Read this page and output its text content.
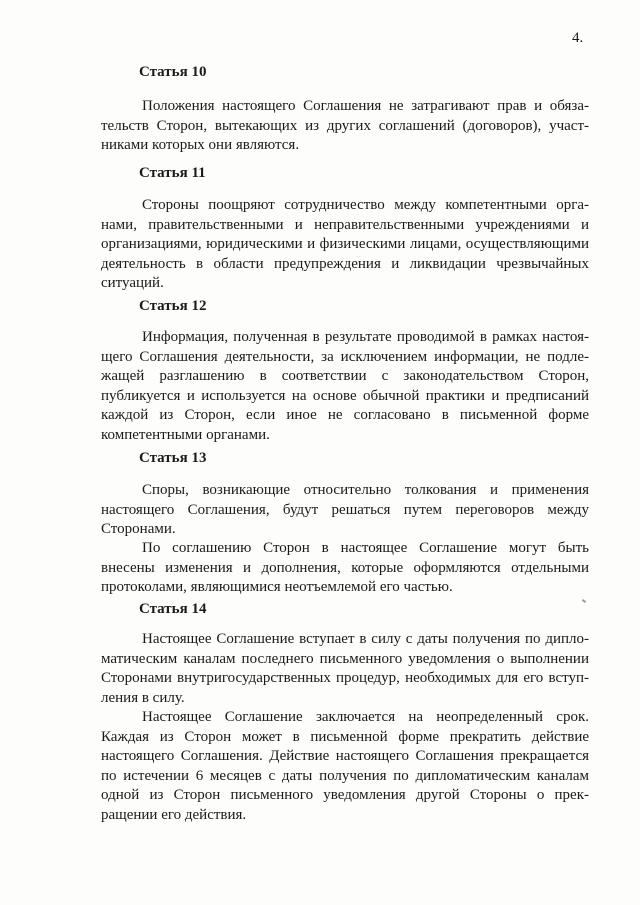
4.
Статья 10
Положения настоящего Соглашения не затрагивают прав и обяза-
тельств Сторон, вытекающих из других соглашений (договоров), участ-
никами которых они являются.
Статья 11
Стороны поощряют сотрудничество между компетентными орга-
нами, правительственными и неправительственными учреждениями и
организациями, юридическими и физическими лицами, осуществляющими
деятельность в области предупреждения и ликвидации чрезвычайных
ситуаций.
Статья 12
Информация, полученная в результате проводимой в рамках настоя-
щего Соглашения деятельности, за исключением информации, не подле-
жащей разглашению в соответствии с законодательством Сторон,
публикуется и используется на основе обычной практики и предписаний
каждой из Сторон, если иное не согласовано в письменной форме
компетентными органами.
Статья 13
Споры, возникающие относительно толкования и применения
настоящего Соглашения, будут решаться путем переговоров между
Сторонами.
По соглашению Сторон в настоящее Соглашение могут быть
внесены изменения и дополнения, которые оформляются отдельными
протоколами, являющимися неотъемлемой его частью.
Статья 14
Настоящее Соглашение вступает в силу с даты получения по дипло-
матическим каналам последнего письменного уведомления о выполнении
Сторонами внутригосударственных процедур, необходимых для его вступ-
ления в силу.
Настоящее Соглашение заключается на неопределенный срок.
Каждая из Сторон может в письменной форме прекратить действие
настоящего Соглашения. Действие настоящего Соглашения прекращается
по истечении 6 месяцев с даты получения по дипломатическим каналам
одной из Сторон письменного уведомления другой Стороны о прек-
ращении его действия.
